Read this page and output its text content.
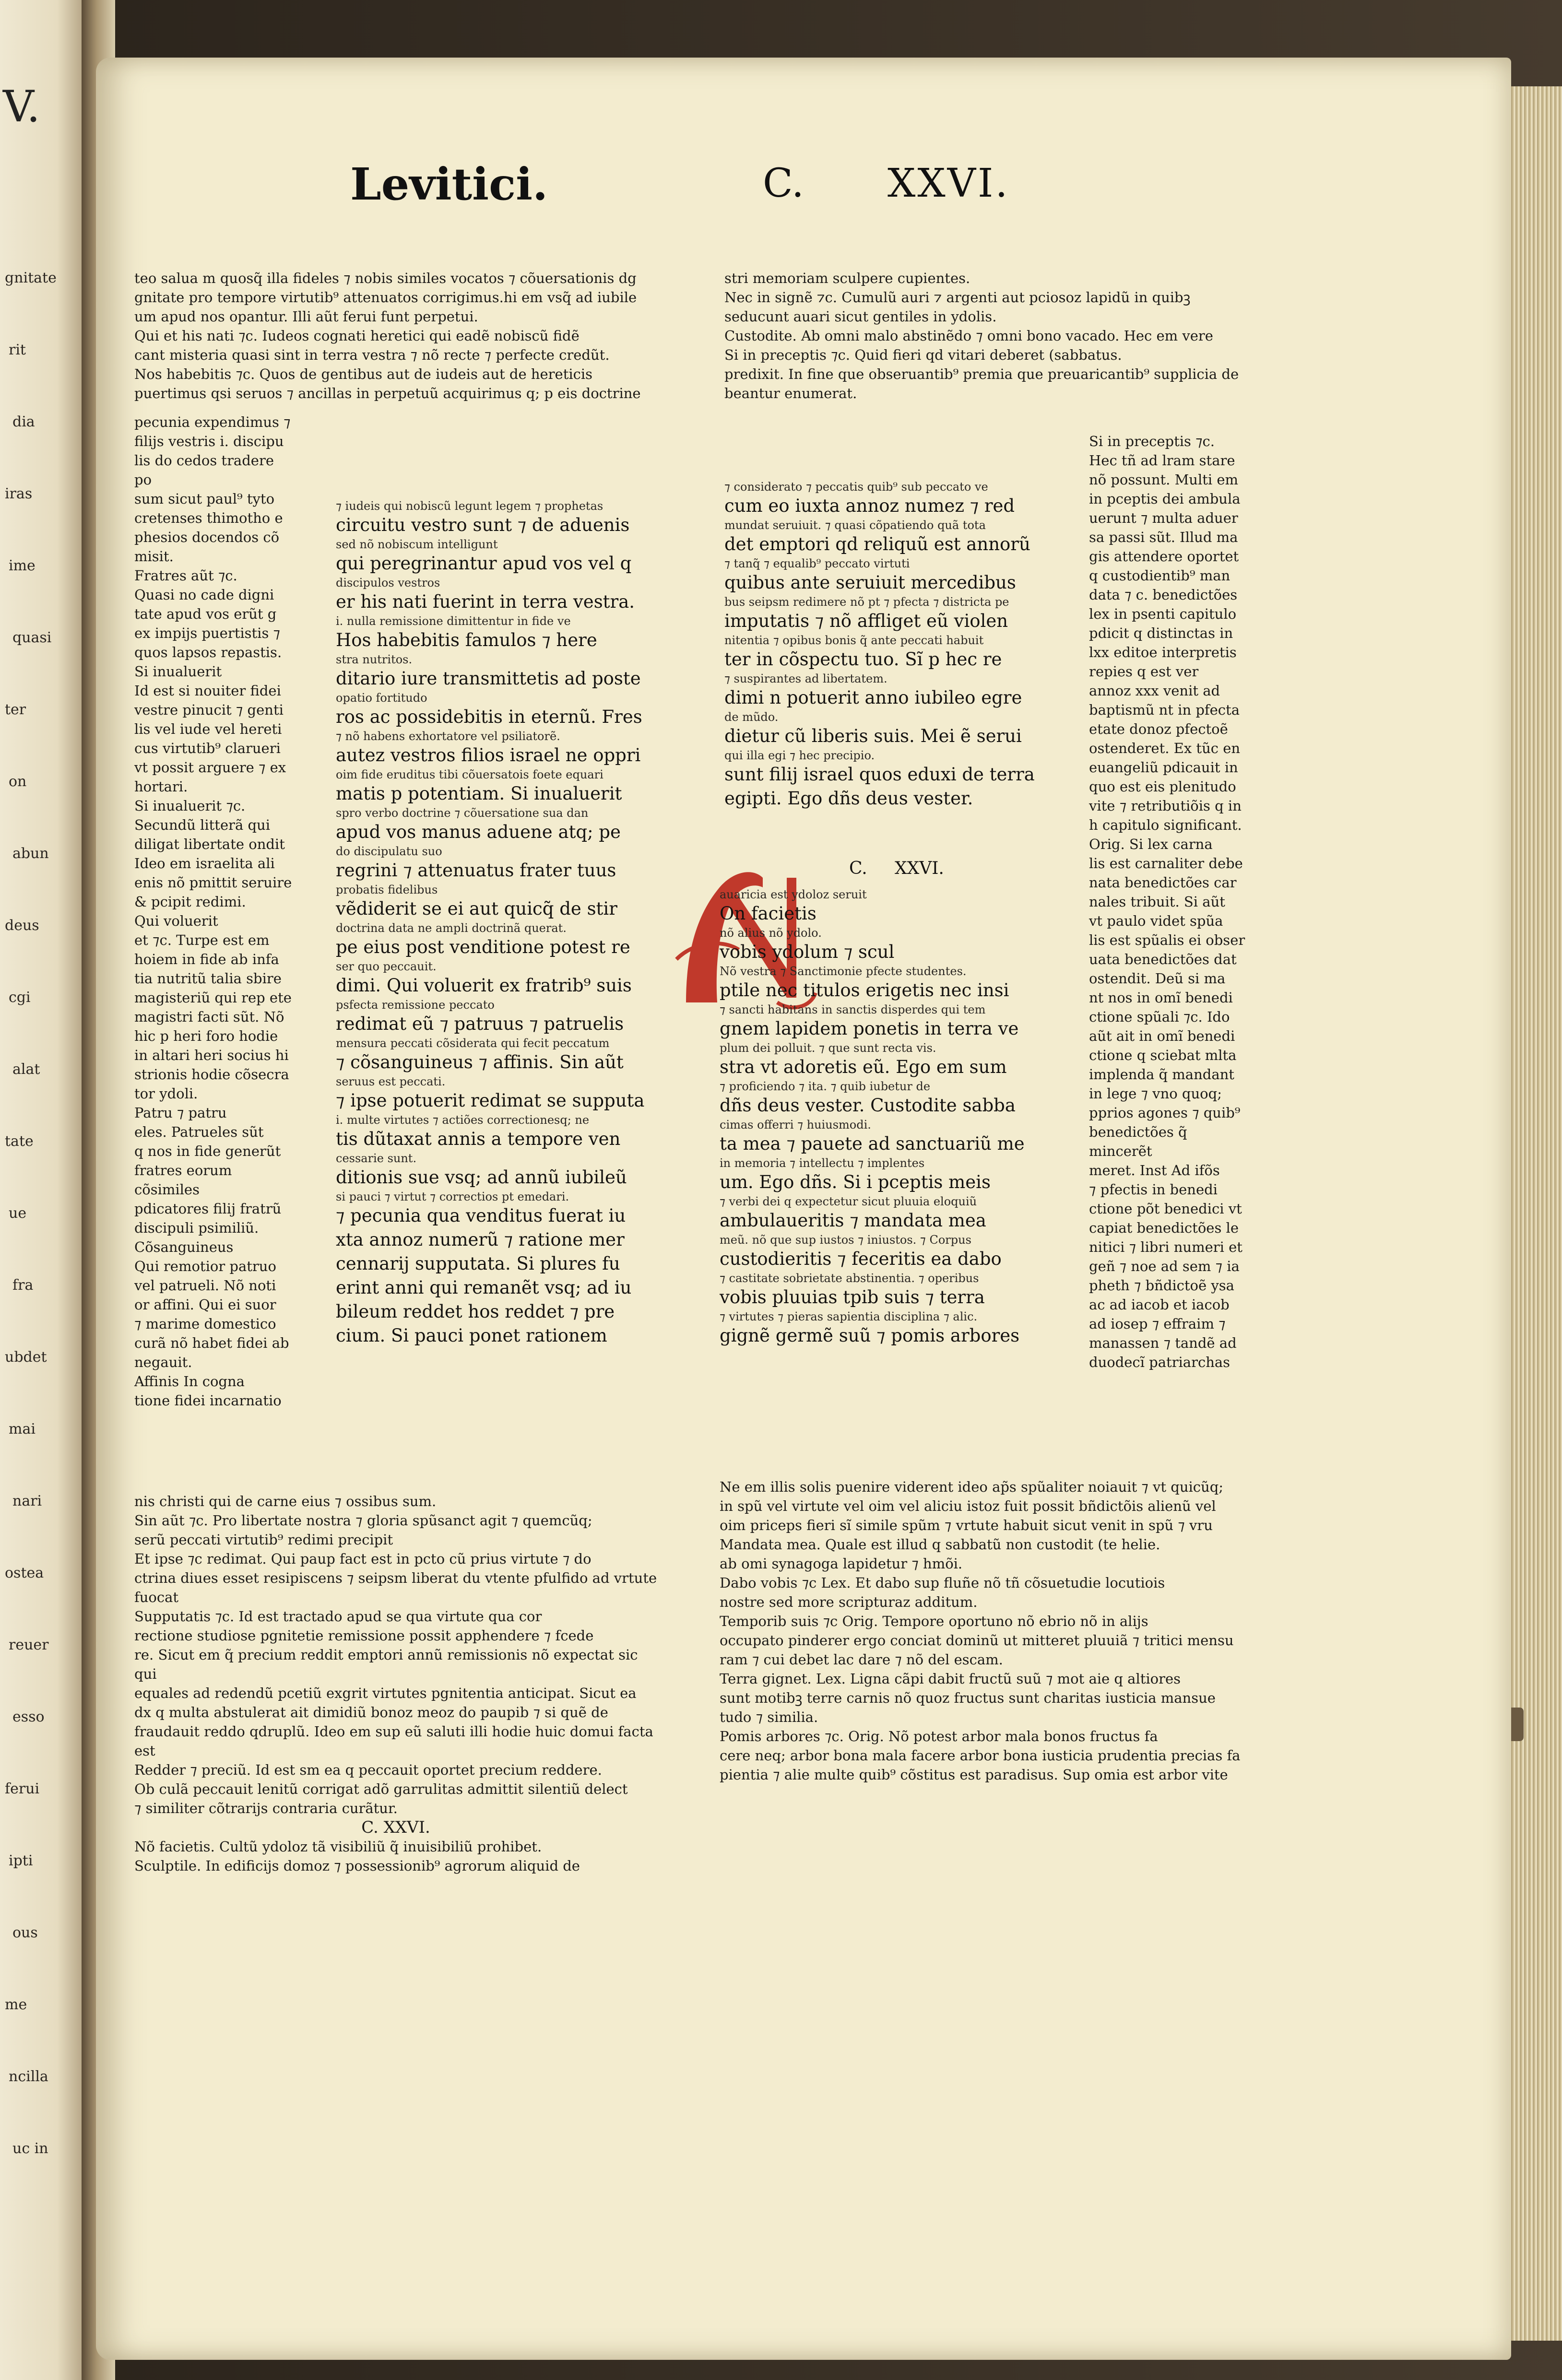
V.
gnitate
rit
dia
iras
ime
quasi
ter
on
abun
deus
cgi
alat
tate
ue
fra
ubdet
mai
nari
ostea
reuer
esso
ferui
ipti
ous
me
ncilla
uc in
Levitici.	C. XXVI.

teo salua m quosq̃ illa fideles ⁊ nobis similes vocatos ⁊ cõuersationis dg

gnitate pro tempore virtutib⁹ attenuatos corrigimus.hi em vsq̃ ad iubile

um apud nos opantur. Illi aũt ferui funt perpetui.

Qui et his nati ⁊c. Iudeos cognati heretici qui eadẽ nobiscũ fidẽ

cant misteria quasi sint in terra vestra ⁊ nõ recte ⁊ perfecte credũt.

Nos habebitis ⁊c. Quos de gentibus aut de iudeis aut de hereticis

puertimus qsi seruos ⁊ ancillas in perpetuũ acquirimus q; p eis doctrine

pecunia expendimus ⁊

filijs vestris i. discipu

lis do cedos tradere po

sum sicut paul⁹ tyto

cretenses thimotho e

phesios docendos cõ

misit.

Fratres aũt ⁊c.

Quasi no cade digni

tate apud vos erũt g

ex impijs puertistis ⁊

quos lapsos repastis.

Si inualuerit

Id est si nouiter fidei

vestre pinucit ⁊ genti

lis vel iude vel hereti

cus virtutib⁹ clarueri

vt possit arguere ⁊ ex

hortari.

Si inualuerit ⁊c.

Secundũ litterã qui

diligat libertate ondit

Ideo em israelita ali

enis nõ pmittit seruire

& pcipit redimi.

Qui voluerit

et ⁊c. Turpe est em

hoiem in fide ab infa

tia nutritũ talia sbire

magisteriũ qui rep ete

magistri facti sũt. Nõ

hic p heri foro hodie

in altari heri socius hi

strionis hodie cõsecra

tor ydoli.

Patru ⁊ patru

eles. Patrueles sũt

q nos in fide generũt

fratres eorum cõsimiles

pdicatores filij fratrũ

discipuli psimiliũ.

Cõsanguineus

Qui remotior patruo

vel patrueli. Nõ noti

or affini. Qui ei suor

⁊ marime domestico

curã nõ habet fidei ab

negauit.

Affinis In cogna

tione fidei incarnatio

⁊ iudeis qui nobiscũ legunt legem ⁊ prophetas

circuitu vestro sunt ⁊ de aduenis

sed nõ nobiscum intelligunt

qui peregrinantur apud vos vel q

discipulos vestros

er his nati fuerint in terra vestra.

i. nulla remissione dimittentur in fide ve

Hos habebitis famulos ⁊ here

stra nutritos.

ditario iure transmittetis ad poste

opatio fortitudo

ros ac possidebitis in eternũ. Fres

⁊ nõ habens exhortatore vel psiliatorẽ.

autez vestros filios israel ne oppri

oim fide eruditus tibi cõuersatois foete equari

matis p potentiam. Si inualuerit

spro verbo doctrine ⁊ cõuersatione sua dan

apud vos manus aduene atq; pe

do discipulatu suo

regrini ⁊ attenuatus frater tuus

probatis fidelibus

vẽdiderit se ei aut quicq̃ de stir

doctrina data ne ampli doctrinã querat.

pe eius post venditione potest re

ser quo peccauit.

dimi. Qui voluerit ex fratrib⁹ suis

psfecta remissione peccato

redimat eũ ⁊ patruus ⁊ patruelis

mensura peccati cõsiderata qui fecit peccatum

⁊ cõsanguineus ⁊ affinis. Sin aũt

seruus est peccati.

⁊ ipse potuerit redimat se supputa

i. multe virtutes ⁊ actiões correctionesq; ne

tis dũtaxat annis a tempore ven

cessarie sunt.

ditionis sue vsq; ad annũ iubileũ

si pauci ⁊ virtut ⁊ correctios pt emedari.

⁊ pecunia qua venditus fuerat iu

xta annoz numerũ ⁊ ratione mer

cennarij supputata. Si plures fu

erint anni qui remanẽt vsq; ad iu

bileum reddet hos reddet ⁊ pre

cium. Si pauci ponet rationem

stri memoriam sculpere cupientes.

Nec in signẽ ⁊c. Cumulũ auri ⁊ argenti aut pciosoz lapidũ in quibꝫ

seducunt auari sicut gentiles in ydolis.

Custodite. Ab omni malo abstinẽdo ⁊ omni bono vacado. Hec em vere

Si in preceptis ⁊c. Quid fieri qd vitari deberet (sabbatus.

predixit. In fine que obseruantib⁹ premia que preuaricantib⁹ supplicia de

beantur enumerat.

⁊ considerato ⁊ peccatis quib⁹ sub peccato ve

cum eo iuxta annoz numez ⁊ red

mundat seruiuit. ⁊ quasi cõpatiendo quã tota

det emptori qd reliquũ est annorũ

⁊ tanq̃ ⁊ equalib⁹ peccato virtuti

quibus ante seruiuit mercedibus

bus seipsm redimere nõ pt ⁊ pfecta ⁊ districta pe

imputatis ⁊ nõ affliget eũ violen

nitentia ⁊ opibus bonis q̃ ante peccati habuit

ter in cõspectu tuo. Sĩ p hec re

⁊ suspirantes ad libertatem.

dimi n potuerit anno iubileo egre

de mũdo.

dietur cũ liberis suis. Mei ẽ serui

qui illa egi ⁊ hec precipio.

sunt filij israel quos eduxi de terra

egipti. Ego dñs deus vester.

C. XXVI.

auaricia est ydoloz seruit

On facietis

nõ alius nõ ydolo.

vobis ydolum ⁊ scul

Nõ vestra ⁊ Sanctimonie pfecte studentes.

ptile nec titulos erigetis nec insi

⁊ sancti habitans in sanctis disperdes qui tem

gnem lapidem ponetis in terra ve

plum dei polluit. ⁊ que sunt recta vis.

stra vt adoretis eũ. Ego em sum

⁊ proficiendo ⁊ ita. ⁊ quib iubetur de

dñs deus vester. Custodite sabba

cimas offerri ⁊ huiusmodi.

ta mea ⁊ pauete ad sanctuariũ me

in memoria ⁊ intellectu ⁊ implentes

um. Ego dñs. Si i pceptis meis

⁊ verbi dei q expectetur sicut pluuia eloquiũ

ambulaueritis ⁊ mandata mea

meũ. nõ que sup iustos ⁊ iniustos. ⁊ Corpus

custodieritis ⁊ feceritis ea dabo

⁊ castitate sobrietate abstinentia. ⁊ operibus

vobis pluuias tpib suis ⁊ terra

⁊ virtutes ⁊ pieras sapientia disciplina ⁊ alic.

gignẽ germẽ suũ ⁊ pomis arbores

Si in preceptis ⁊c.

Hec tñ ad lram stare

nõ possunt. Multi em

in pceptis dei ambula

uerunt ⁊ multa aduer

sa passi sũt. Illud ma

gis attendere oportet

q custodientib⁹ man

data ⁊ c. benedictões

lex in psenti capitulo

pdicit q distinctas in

lxx editoe interpretis

repies q est ver

annoz xxx venit ad

baptismũ nt in pfecta

etate donoz pfectoẽ

ostenderet. Ex tũc en

euangeliũ pdicauit in

quo est eis plenitudo

vite ⁊ retributiõis q in

h capitulo significant.

Orig. Si lex carna

lis est carnaliter debe

nata benedictões car

nales tribuit. Si aũt

vt paulo videt spũa

lis est spũalis ei obser

uata benedictões dat

ostendit. Deũ si ma

nt nos in omĩ benedi

ctione spũali ⁊c. Ido

aũt ait in omĩ benedi

ctione q sciebat mlta

implenda q̃ mandant

in lege ⁊ vno quoq;

pprios agones ⁊ quib⁹

benedictões q̃ mincerẽt

meret. Inst Ad ifõs

⁊ pfectis in benedi

ctione põt benedici vt

capiat benedictões le

nitici ⁊ libri numeri et

geñ ⁊ noe ad sem ⁊ ia

pheth ⁊ bñdictoẽ ysa

ac ad iacob et iacob

ad iosep ⁊ effraim ⁊

manassen ⁊ tandẽ ad

duodecĩ patriarchas

nis christi qui de carne eius ⁊ ossibus sum.

Sin aũt ⁊c. Pro libertate nostra ⁊ gloria spũsanct agit ⁊ quemcũq;

serũ peccati virtutib⁹ redimi precipit

Et ipse ⁊c redimat. Qui paup fact est in pcto cũ prius virtute ⁊ do

ctrina diues esset resipiscens ⁊ seipsm liberat du vtente pfulfido ad vrtute fuocat

Supputatis ⁊c. Id est tractado apud se qua virtute qua cor

rectione studiose pgnitetie remissione possit apphendere ⁊ fcede

re. Sicut em q̃ precium reddit emptori annũ remissionis nõ expectat sic qui

equales ad redendũ pcetiũ exgrit virtutes pgnitentia anticipat. Sicut ea

dx q multa abstulerat ait dimidiũ bonoz meoz do paupib ⁊ si quẽ de

fraudauit reddo qdruplũ. Ideo em sup eũ saluti illi hodie huic domui facta est

Redder ⁊ preciũ. Id est sm ea q peccauit oportet precium reddere.

Ob culã peccauit lenitũ corrigat adõ garrulitas admittit silentiũ delect

⁊ similiter cõtrarijs contraria curãtur.

C. XXVI.

Nõ facietis. Cultũ ydoloz tã visibiliũ q̃ inuisibiliũ prohibet.

Sculptile. In edificijs domoz ⁊ possessionib⁹ agrorum aliquid de

Ne em illis solis puenire viderent ideo ap̃s spũaliter noiauit ⁊ vt quicũq;

in spũ vel virtute vel oim vel aliciu istoz fuit possit bñdictõis alienũ vel

oim priceps fieri sĩ simile spũm ⁊ vrtute habuit sicut venit in spũ ⁊ vru

Mandata mea. Quale est illud q sabbatũ non custodit (te helie.

ab omi synagoga lapidetur ⁊ hmõi.

Dabo vobis ⁊c Lex. Et dabo sup fluñe nõ tñ cõsuetudie locutiois

nostre sed more scripturaz additum.

Temporib suis ⁊c Orig. Tempore oportuno nõ ebrio nõ in alijs

occupato pinderer ergo conciat dominũ ut mitteret pluuiã ⁊ tritici mensu

ram ⁊ cui debet lac dare ⁊ nõ del escam.

Terra gignet. Lex. Ligna cãpi dabit fructũ suũ ⁊ mot aie q altiores

sunt motibꝫ terre carnis nõ quoz fructus sunt charitas iusticia mansue

tudo ⁊ similia.

Pomis arbores ⁊c. Orig. Nõ potest arbor mala bonos fructus fa

cere neq; arbor bona mala facere arbor bona iusticia prudentia precias fa

pientia ⁊ alie multe quib⁹ cõstitus est paradisus. Sup omia est arbor vite
